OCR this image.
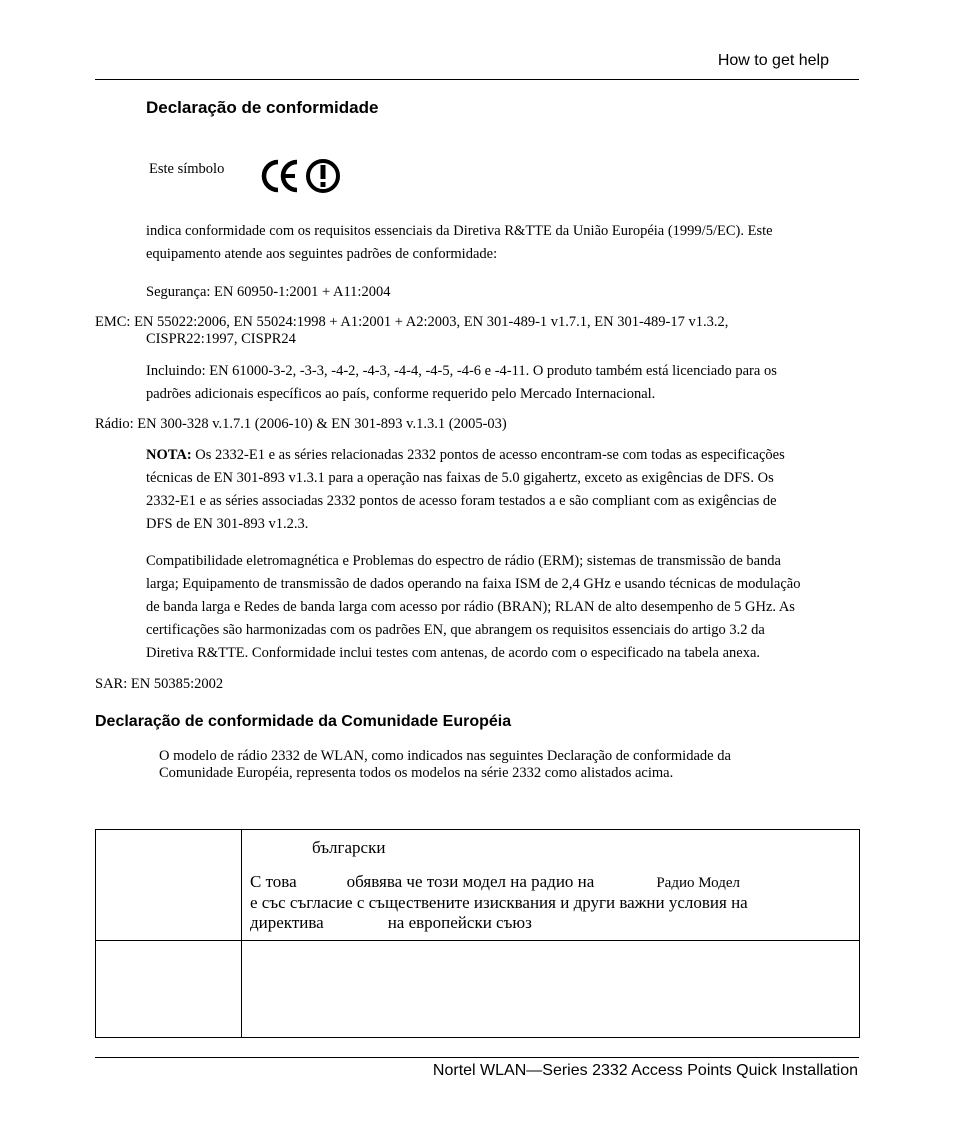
How to get help
Declaração de conformidade
Este símbolo
indica conformidade com os requisitos essenciais da Diretiva R&TTE da União Européia (1999/5/EC). Este
equipamento atende aos seguintes padrões de conformidade:
Segurança: EN 60950-1:2001 + A11:2004
EMC: EN 55022:2006, EN 55024:1998 + A1:2001 + A2:2003, EN 301-489-1 v1.7.1, EN 301-489-17 v1.3.2,
CISPR22:1997, CISPR24
Incluindo: EN 61000-3-2, -3-3, -4-2, -4-3, -4-4, -4-5, -4-6 e -4-11. O produto também está licenciado para os
padrões adicionais específicos ao país, conforme requerido pelo Mercado Internacional.
Rádio: EN 300-328 v.1.7.1 (2006-10) & EN 301-893 v.1.3.1 (2005-03)
NOTA: Os 2332-E1 e as séries relacionadas 2332 pontos de acesso encontram-se com todas as especificações
técnicas de EN 301-893 v1.3.1 para a operação nas faixas de 5.0 gigahertz, exceto as exigências de DFS. Os
2332-E1 e as séries associadas 2332 pontos de acesso foram testados a e são compliant com as exigências de
DFS de EN 301-893 v1.2.3.
Compatibilidade eletromagnética e Problemas do espectro de rádio (ERM); sistemas de transmissão de banda
larga; Equipamento de transmissão de dados operando na faixa ISM de 2,4 GHz e usando técnicas de modulação
de banda larga e Redes de banda larga com acesso por rádio (BRAN); RLAN de alto desempenho de 5 GHz. As
certificações são harmonizadas com os padrões EN, que abrangem os requisitos essenciais do artigo 3.2 da
Diretiva R&TTE. Conformidade inclui testes com antenas, de acordo com o especificado na tabela anexa.
SAR: EN 50385:2002
Declaração de conformidade da Comunidade Européia
O modelo de rádio 2332 de WLAN, como indicados nas seguintes Declaração de conformidade da
Comunidade Européia, representa todos os modelos na série 2332 como alistados acima.

	български
С това обявява че този модел на радио на Радио Модел
е със съгласие с съществените изисквания и други важни условия на
директива на европейски съюз

Nortel WLAN—Series 2332 Access Points Quick Installation
